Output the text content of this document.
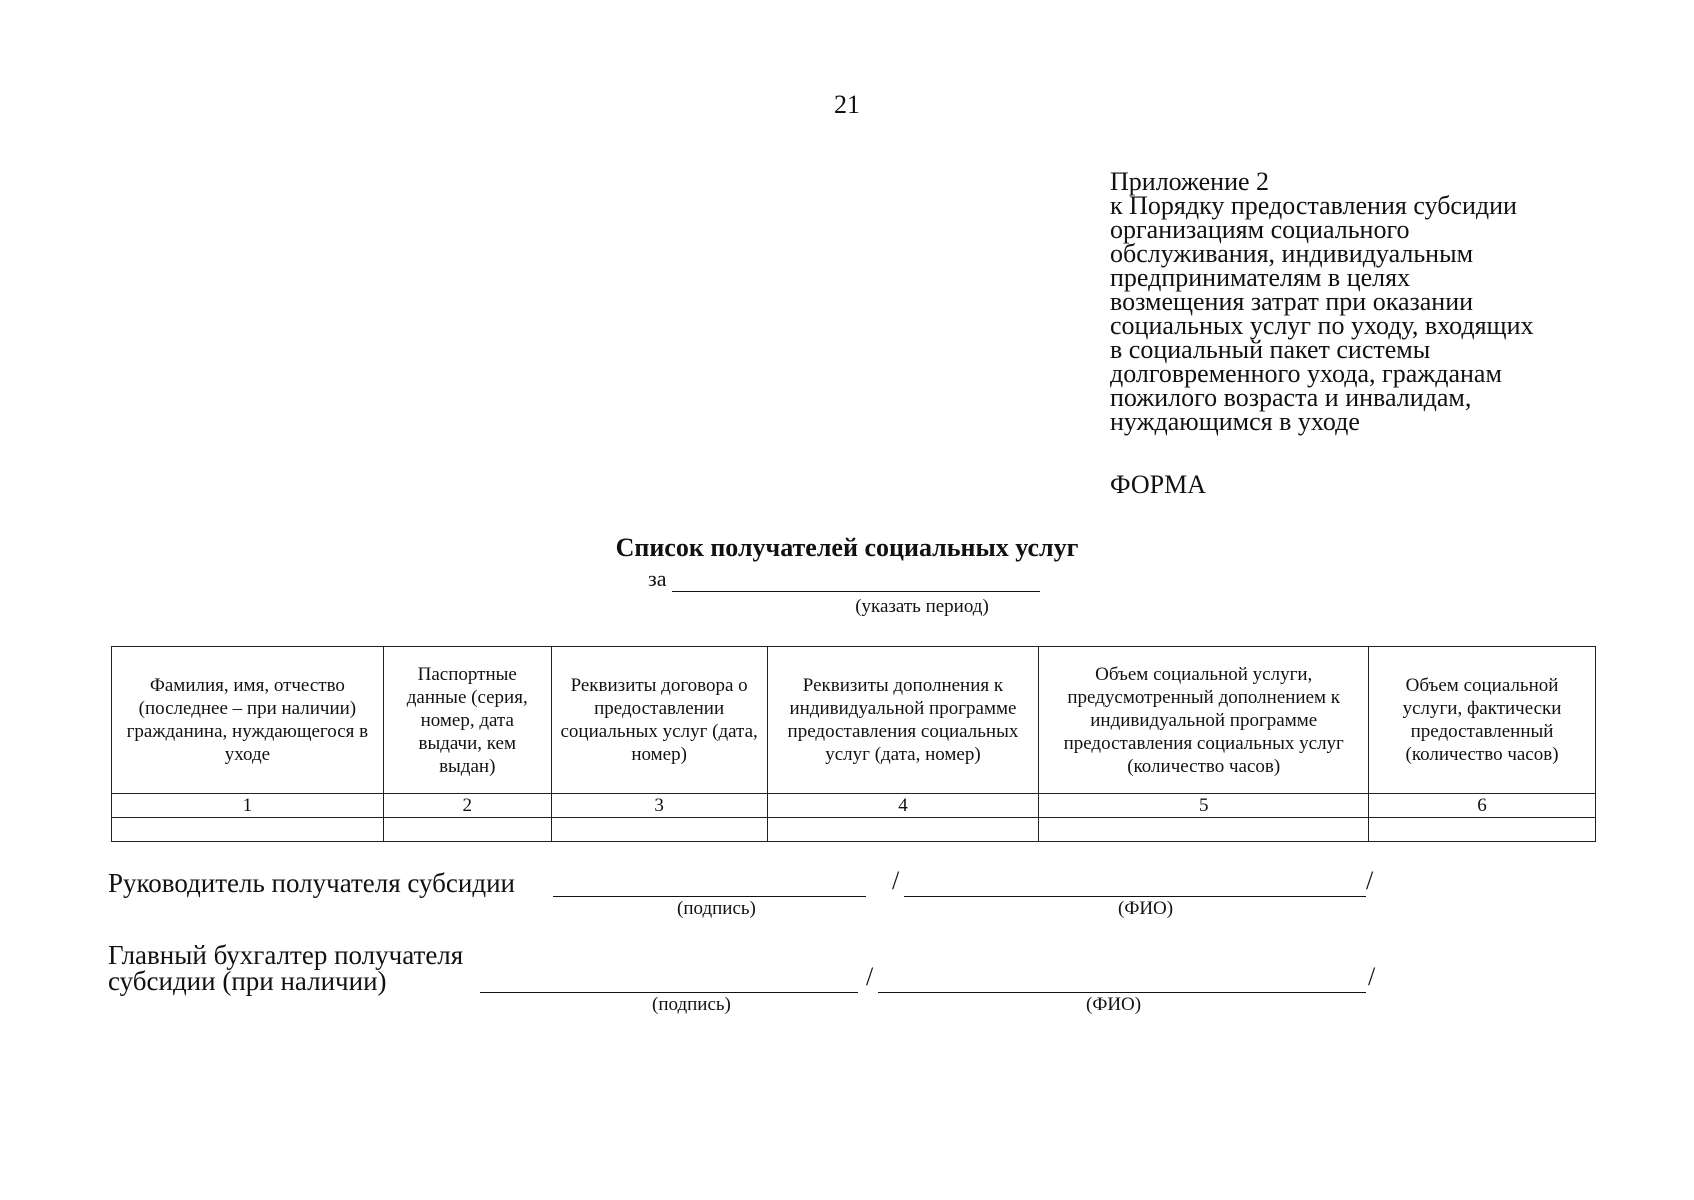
21
Приложение 2
к Порядку предоставления субсидии
организациям социального
обслуживания, индивидуальным
предпринимателям в целях
возмещения затрат при оказании
социальных услуг по уходу, входящих
в социальный пакет системы
долговременного ухода, гражданам
пожилого возраста и инвалидам,
нуждающимся в уходе
ФОРМА
Список получателей социальных услуг
за
(указать период)
Фамилия, имя, отчество (последнее – при наличии) гражданина, нуждающегося в уходе	Паспортные данные (серия, номер, дата выдачи, кем выдан)	Реквизиты договора о предоставлении социальных услуг (дата, номер)	Реквизиты дополнения к индивидуальной программе предоставления социальных услуг (дата, номер)	Объем социальной услуги, предусмотренный дополнением к индивидуальной программе предоставления социальных услуг (количество часов)	Объем социальной услуги, фактически предоставленный (количество часов)
1	2	3	4	5	6

Руководитель получателя субсидии	/	/
(подпись)	(ФИО)
Главный бухгалтер получателя
субсидии (при наличии)	/	/
(подпись)	(ФИО)
